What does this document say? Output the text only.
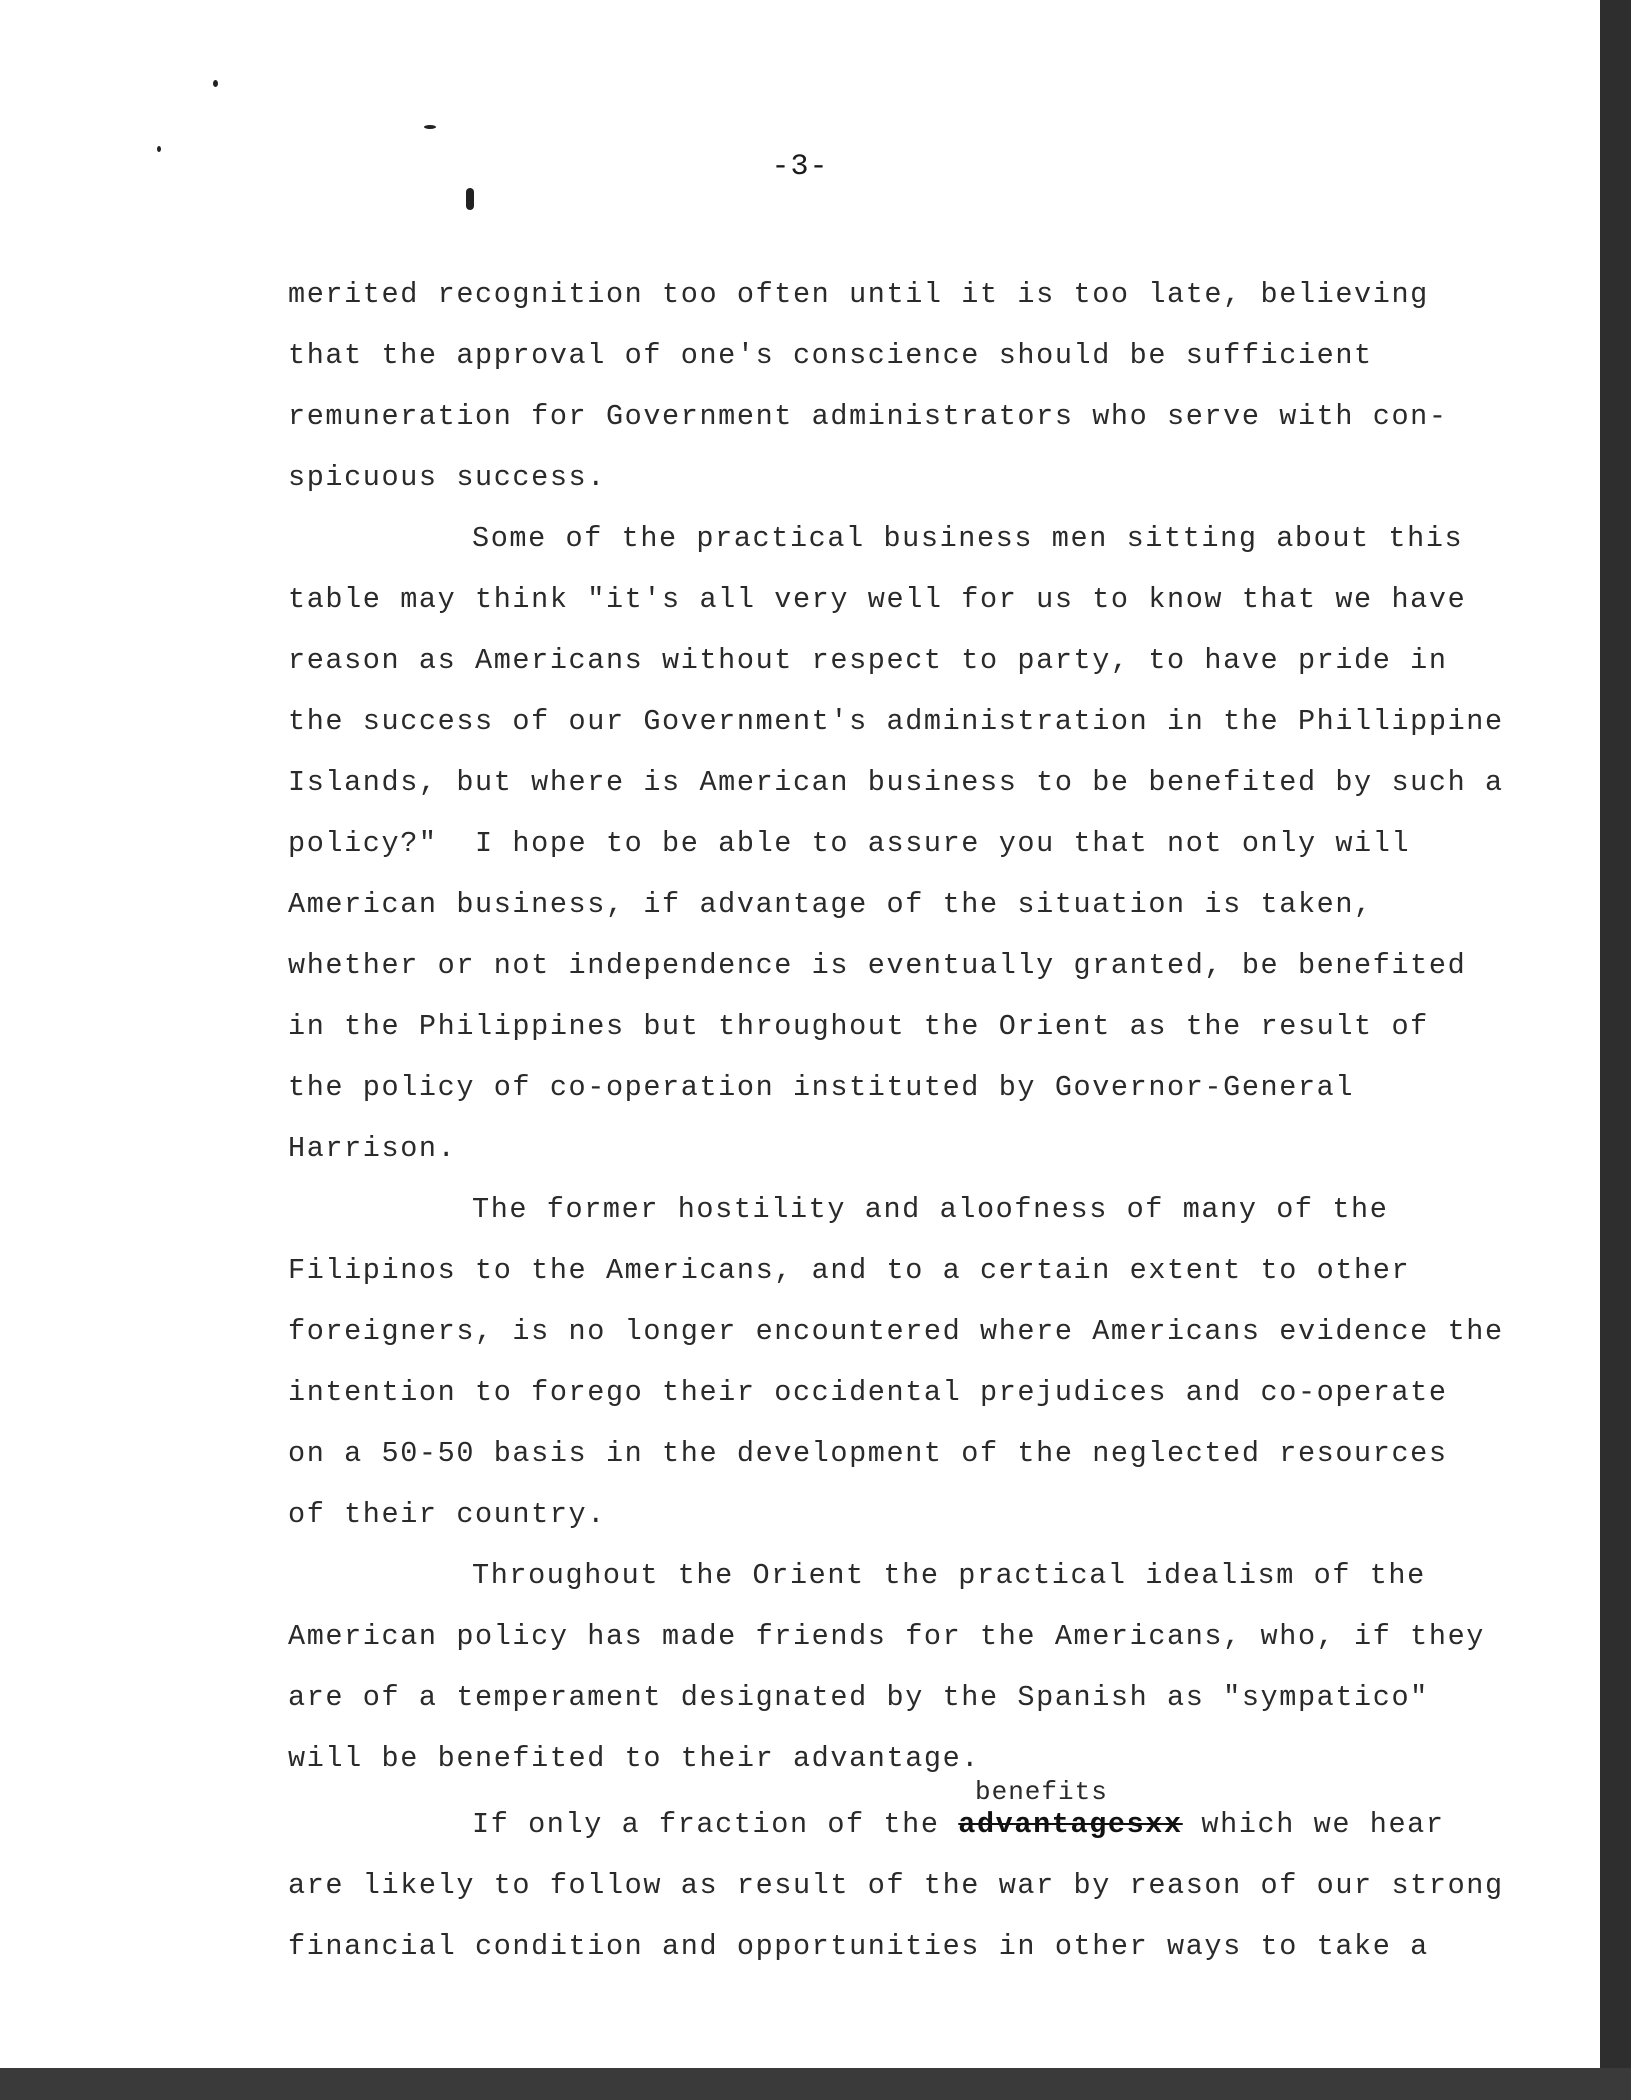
-3-
merited recognition too often until it is too late, believing
that the approval of one's conscience should be sufficient
remuneration for Government administrators who serve with con-
spicuous success.
Some of the practical business men sitting about this
table may think "it's all very well for us to know that we have
reason as Americans without respect to party, to have pride in
the success of our Government's administration in the Phillippine
Islands, but where is American business to be benefited by such a
policy?"  I hope to be able to assure you that not only will
American business, if advantage of the situation is taken,
whether or not independence is eventually granted, be benefited
in the Philippines but throughout the Orient as the result of
the policy of co-operation instituted by Governor-General
Harrison.
The former hostility and aloofness of many of the
Filipinos to the Americans, and to a certain extent to other
foreigners, is no longer encountered where Americans evidence the
intention to forego their occidental prejudices and co-operate
on a 50-50 basis in the development of the neglected resources
of their country.
Throughout the Orient the practical idealism of the
American policy has made friends for the Americans, who, if they
are of a temperament designated by the Spanish as "sympatico"
will be benefited to their advantage.
benefits
If only a fraction of the advantagesxx which we hear
are likely to follow as result of the war by reason of our strong
financial condition and opportunities in other ways to take a
